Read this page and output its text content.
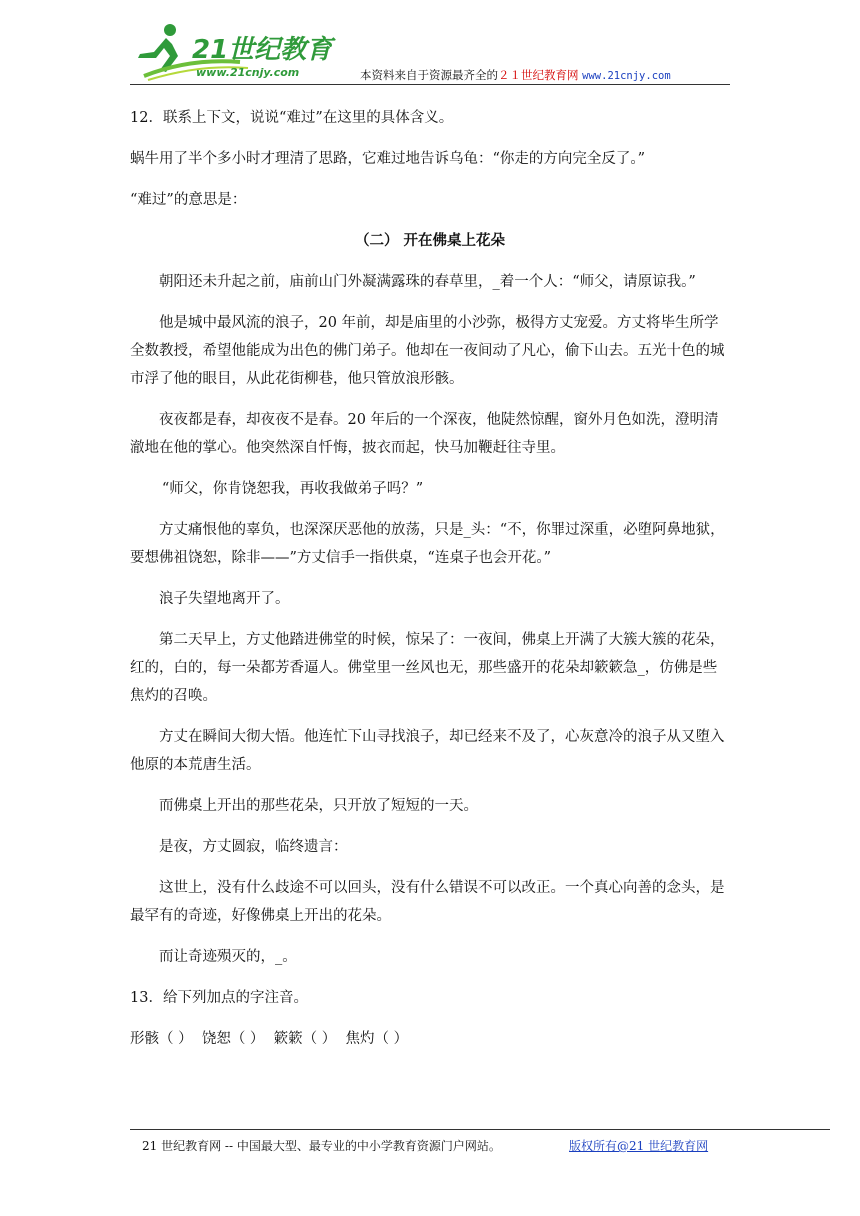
21世纪教育
www.21cnjy.com	本资料来自于资源最齐全的２１世纪教育网 www.21cnjy.com

12．联系上下文，说说“难过”在这里的具体含义。

蜗牛用了半个多小时才理清了思路，它难过地告诉乌龟：“你走的方向完全反了。”

“难过”的意思是：

（二） 开在佛桌上花朵

朝阳还未升起之前，庙前山门外凝满露珠的春草里，_着一个人：“师父，请原谅我。”

他是城中最风流的浪子，20 年前，却是庙里的小沙弥，极得方丈宠爱。方丈将毕生所学全数教授，希望他能成为出色的佛门弟子。他却在一夜间动了凡心，偷下山去。五光十色的城市浮了他的眼目，从此花街柳巷，他只管放浪形骸。

夜夜都是春，却夜夜不是春。20 年后的一个深夜，他陡然惊醒，窗外月色如洗，澄明清澈地在他的掌心。他突然深自忏悔，披衣而起，快马加鞭赶往寺里。

“师父，你肯饶恕我，再收我做弟子吗？”

方丈痛恨他的辜负，也深深厌恶他的放荡，只是_头：“不，你罪过深重，必堕阿鼻地狱，要想佛祖饶恕，除非——”方丈信手一指供桌，“连桌子也会开花。”

浪子失望地离开了。

第二天早上，方丈他踏进佛堂的时候，惊呆了：一夜间，佛桌上开满了大簇大簇的花朵，红的，白的，每一朵都芳香逼人。佛堂里一丝风也无，那些盛开的花朵却簌簌急_，仿佛是些焦灼的召唤。

方丈在瞬间大彻大悟。他连忙下山寻找浪子，却已经来不及了，心灰意冷的浪子从又堕入他原的本荒唐生活。

而佛桌上开出的那些花朵，只开放了短短的一天。

是夜，方丈圆寂，临终遗言：

这世上，没有什么歧途不可以回头，没有什么错误不可以改正。一个真心向善的念头，是最罕有的奇迹，好像佛桌上开出的花朵。

而让奇迹殒灭的，_。

13．给下列加点的字注音。

形骸（ ）  饶恕（ ）  簌簌（ ）  焦灼（ ）

21 世纪教育网 -- 中国最大型、最专业的中小学教育资源门户网站。	版权所有@21 世纪教育网
